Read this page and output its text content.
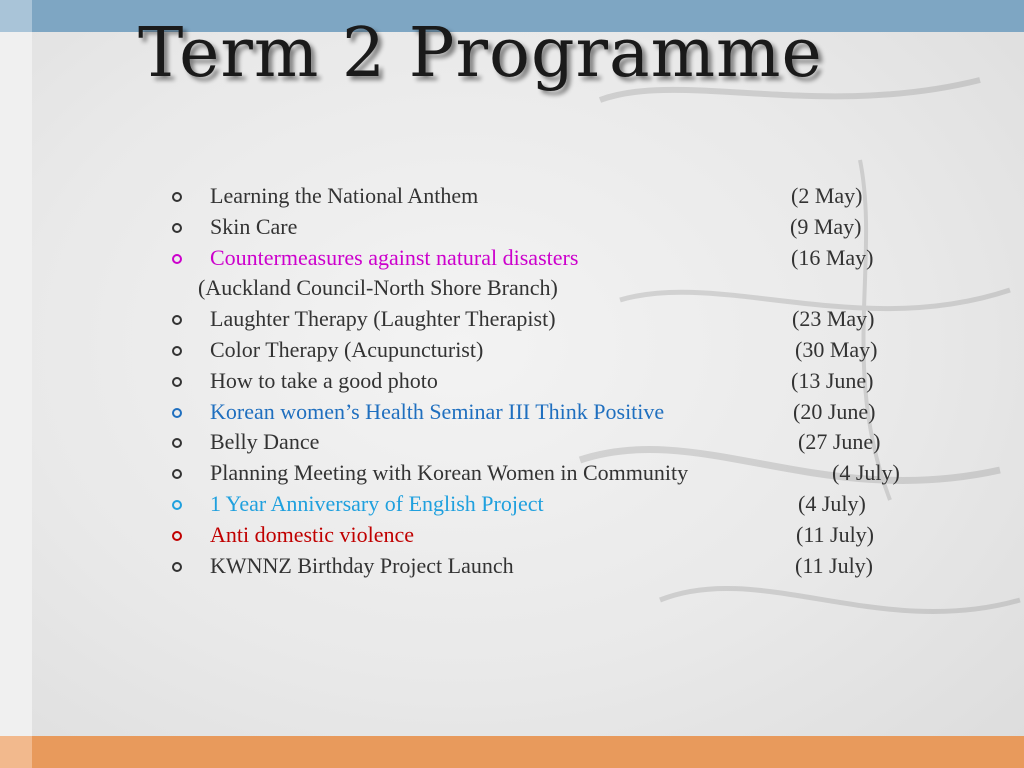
Term 2 Programme
Learning the National Anthem	(2 May)
Skin Care	(9 May)
Countermeasures against natural disasters	(16 May)
(Auckland Council-North Shore Branch)
Laughter Therapy (Laughter Therapist)	(23 May)
Color Therapy (Acupuncturist)	(30 May)
How to take a good photo	(13 June)
Korean women’s Health Seminar III Think Positive	(20 June)
Belly Dance	(27 June)
Planning Meeting with Korean Women in Community	(4 July)
1 Year Anniversary of English Project	(4 July)
Anti domestic violence	(11 July)
KWNNZ Birthday Project Launch	(11 July)
